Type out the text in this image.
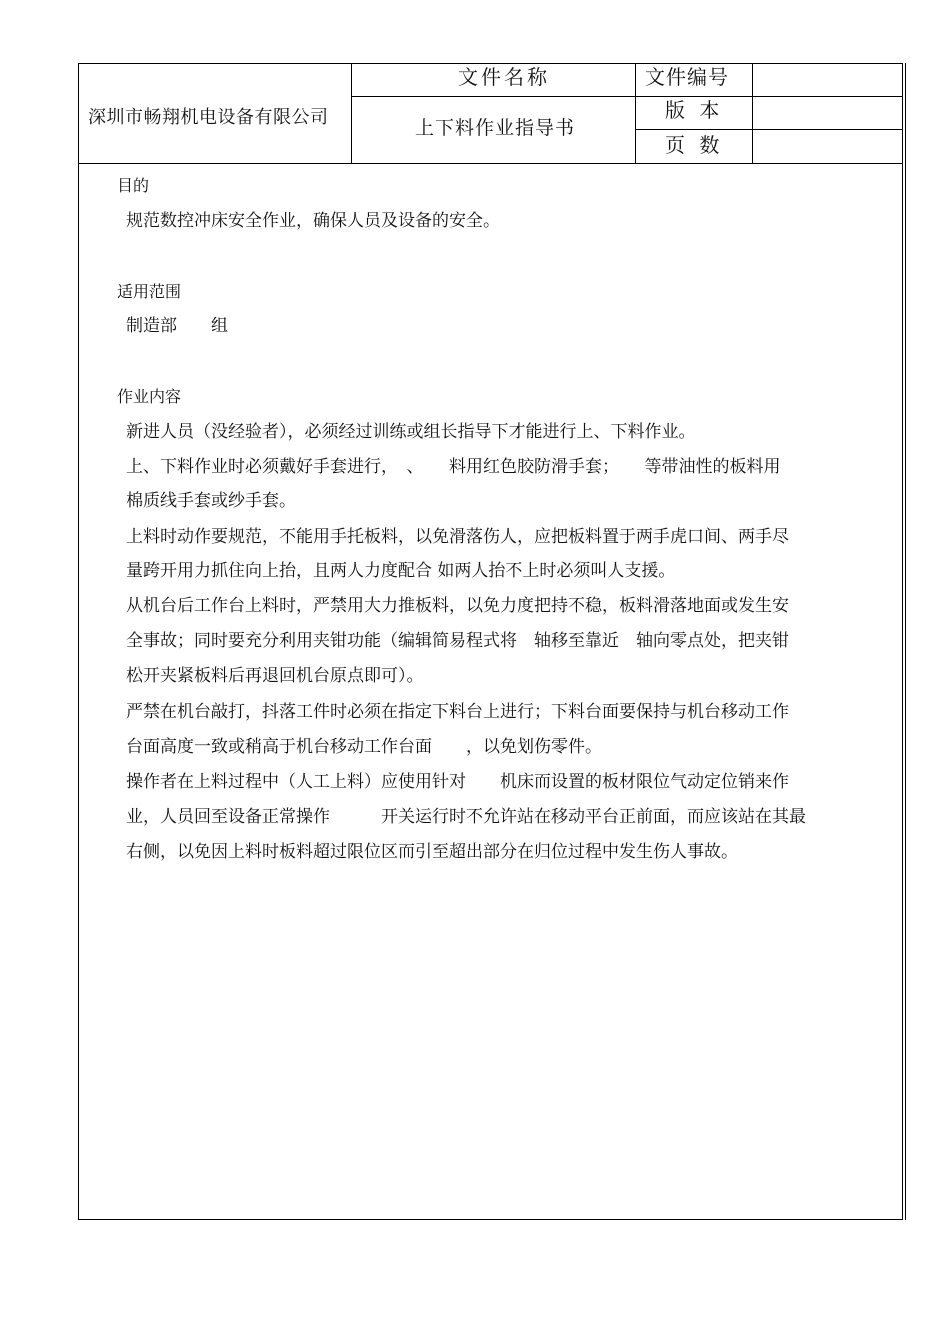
深圳市畅翔机电设备有限公司
文件名称
上下料作业指导书
文件编号
版 本
页 数
目的
规范数控冲床安全作业，确保人员及设备的安全。
适用范围
制造部　　组
作业内容
新进人员（没经验者），必须经过训练或组长指导下才能进行上、下料作业。
上、下料作业时必须戴好手套进行，　、　　料用红色胶防滑手套；　　等带油性的板料用
棉质线手套或纱手套。
上料时动作要规范，不能用手托板料，以免滑落伤人，应把板料置于两手虎口间、两手尽
量跨开用力抓住向上抬，且两人力度配合 如两人抬不上时必须叫人支援。
从机台后工作台上料时，严禁用大力推板料，以免力度把持不稳，板料滑落地面或发生安
全事故；同时要充分利用夹钳功能（编辑简易程式将　轴移至靠近　轴向零点处，把夹钳
松开夹紧板料后再退回机台原点即可）。
严禁在机台敲打，抖落工件时必须在指定下料台上进行；下料台面要保持与机台移动工作
台面高度一致或稍高于机台移动工作台面　　，以免划伤零件。
操作者在上料过程中（人工上料）应使用针对　　机床而设置的板材限位气动定位销来作
业，人员回至设备正常操作　　　开关运行时不允许站在移动平台正前面，而应该站在其最
右侧，以免因上料时板料超过限位区而引至超出部分在归位过程中发生伤人事故。
